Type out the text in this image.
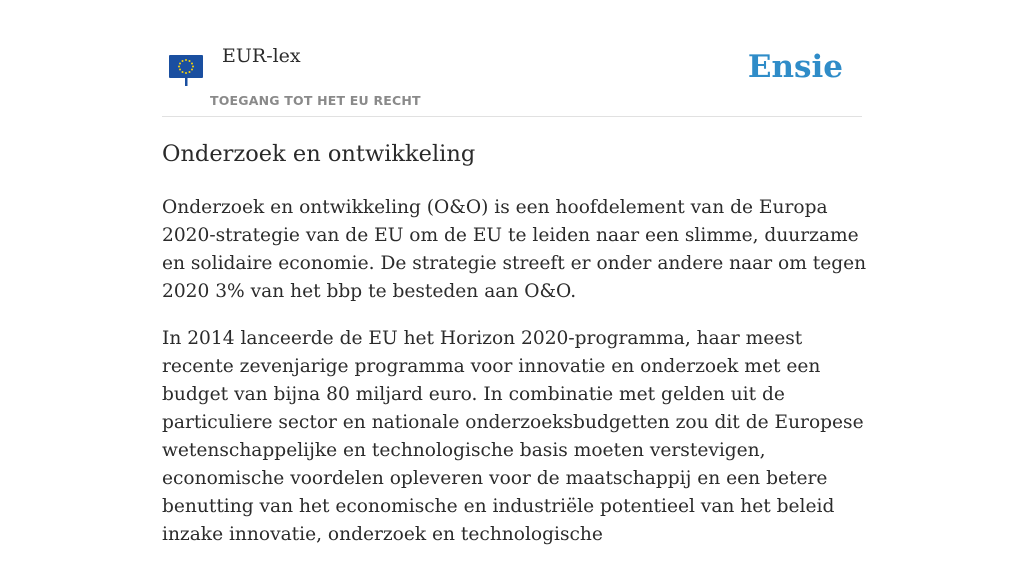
EUR-lex
TOEGANG TOT HET EU RECHT
Ensie
Onderzoek en ontwikkeling

Onderzoek en ontwikkeling (O&O) is een hoofdelement van de Europa 2020-strategie van de EU om de EU te leiden naar een slimme, duurzame en solidaire economie. De strategie streeft er onder andere naar om tegen 2020 3% van het bbp te besteden aan O&O.

In 2014 lanceerde de EU het Horizon 2020-programma, haar meest recente zevenjarige programma voor innovatie en onderzoek met een budget van bijna 80 miljard euro. In combinatie met gelden uit de particuliere sector en nationale onderzoeksbudgetten zou dit de Europese wetenschappelijke en technologische basis moeten verstevigen, economische voordelen opleveren voor de maatschappij en een betere benutting van het economische en industriële potentieel van het beleid inzake innovatie, onderzoek en technologische
